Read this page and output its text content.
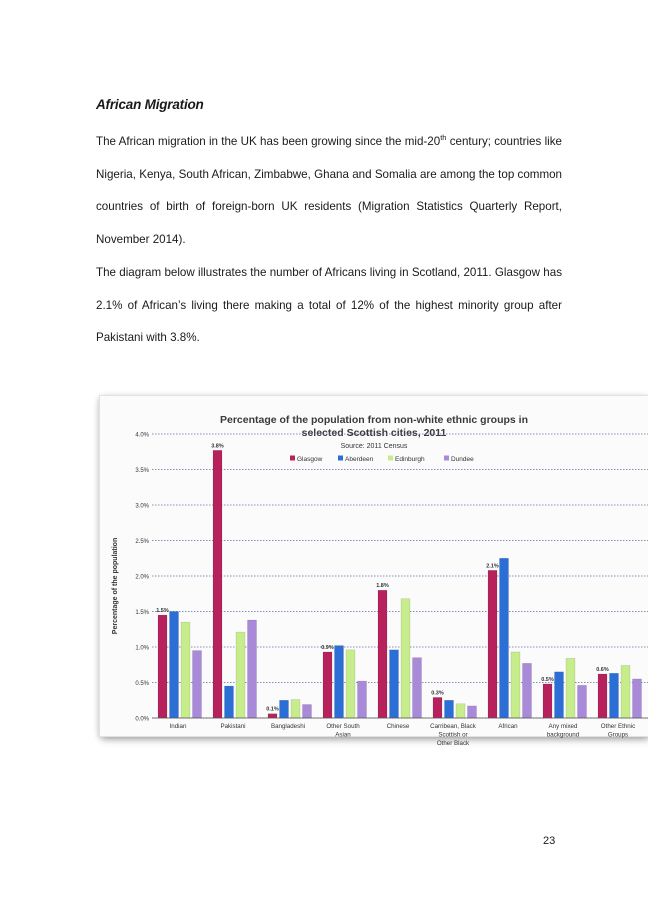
African Migration
The African migration in the UK has been growing since the mid-20th century; countries like Nigeria, Kenya, South African, Zimbabwe, Ghana and Somalia are among the top common countries of birth of foreign-born UK residents (Migration Statistics Quarterly Report, November 2014).
The diagram below illustrates the number of Africans living in Scotland, 2011. Glasgow has 2.1% of African’s living there making a total of 12% of the highest minority group after Pakistani with 3.8%.
Percentage of the population from non-white ethnic groups in
selected Scottish cities, 2011
Source: 2011 Census
Glasgow	Aberdeen	Edinburgh	Dundee
0.0%
0.5%
1.0%
1.5%
2.0%
2.5%
3.0%
3.5%
4.0%
Percentage of the population	1.5%
Indian
3.8%
Pakistani
0.1%
Bangladeshi
0.9%
Other South
Asian
1.8%
Chinese
0.3%
Carribean, Black
Scottish or
Other Black
2.1%
African
0.5%
Any mixed
background
0.6%
Other Ethnic
Groups
23
